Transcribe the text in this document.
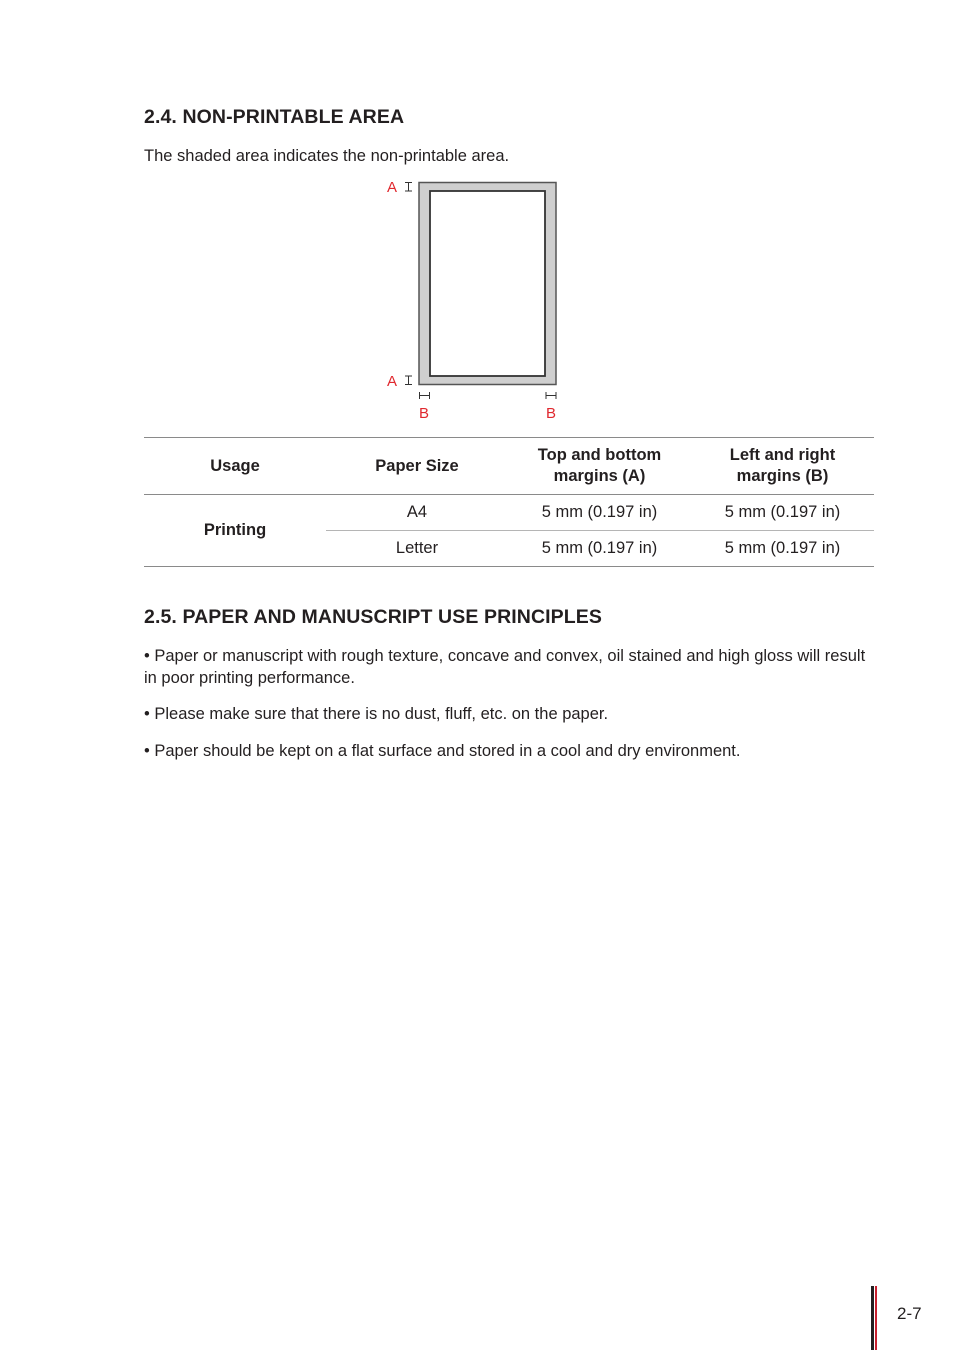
2.4. NON-PRINTABLE AREA

The shaded area indicates the non-printable area.

A
A
B	B
Usage	Paper Size	Top and bottom margins (A)	Left and right margins (B)
Printing	A4	5 mm (0.197 in)	5 mm (0.197 in)
	Letter	5 mm (0.197 in)	5 mm (0.197 in)
2.5. PAPER AND MANUSCRIPT USE PRINCIPLES

• Paper or manuscript with rough texture, concave and convex, oil stained and high gloss will result in poor printing performance.

• Please make sure that there is no dust, fluff, etc. on the paper.

• Paper should be kept on a flat surface and stored in a cool and dry environment.

2-7
